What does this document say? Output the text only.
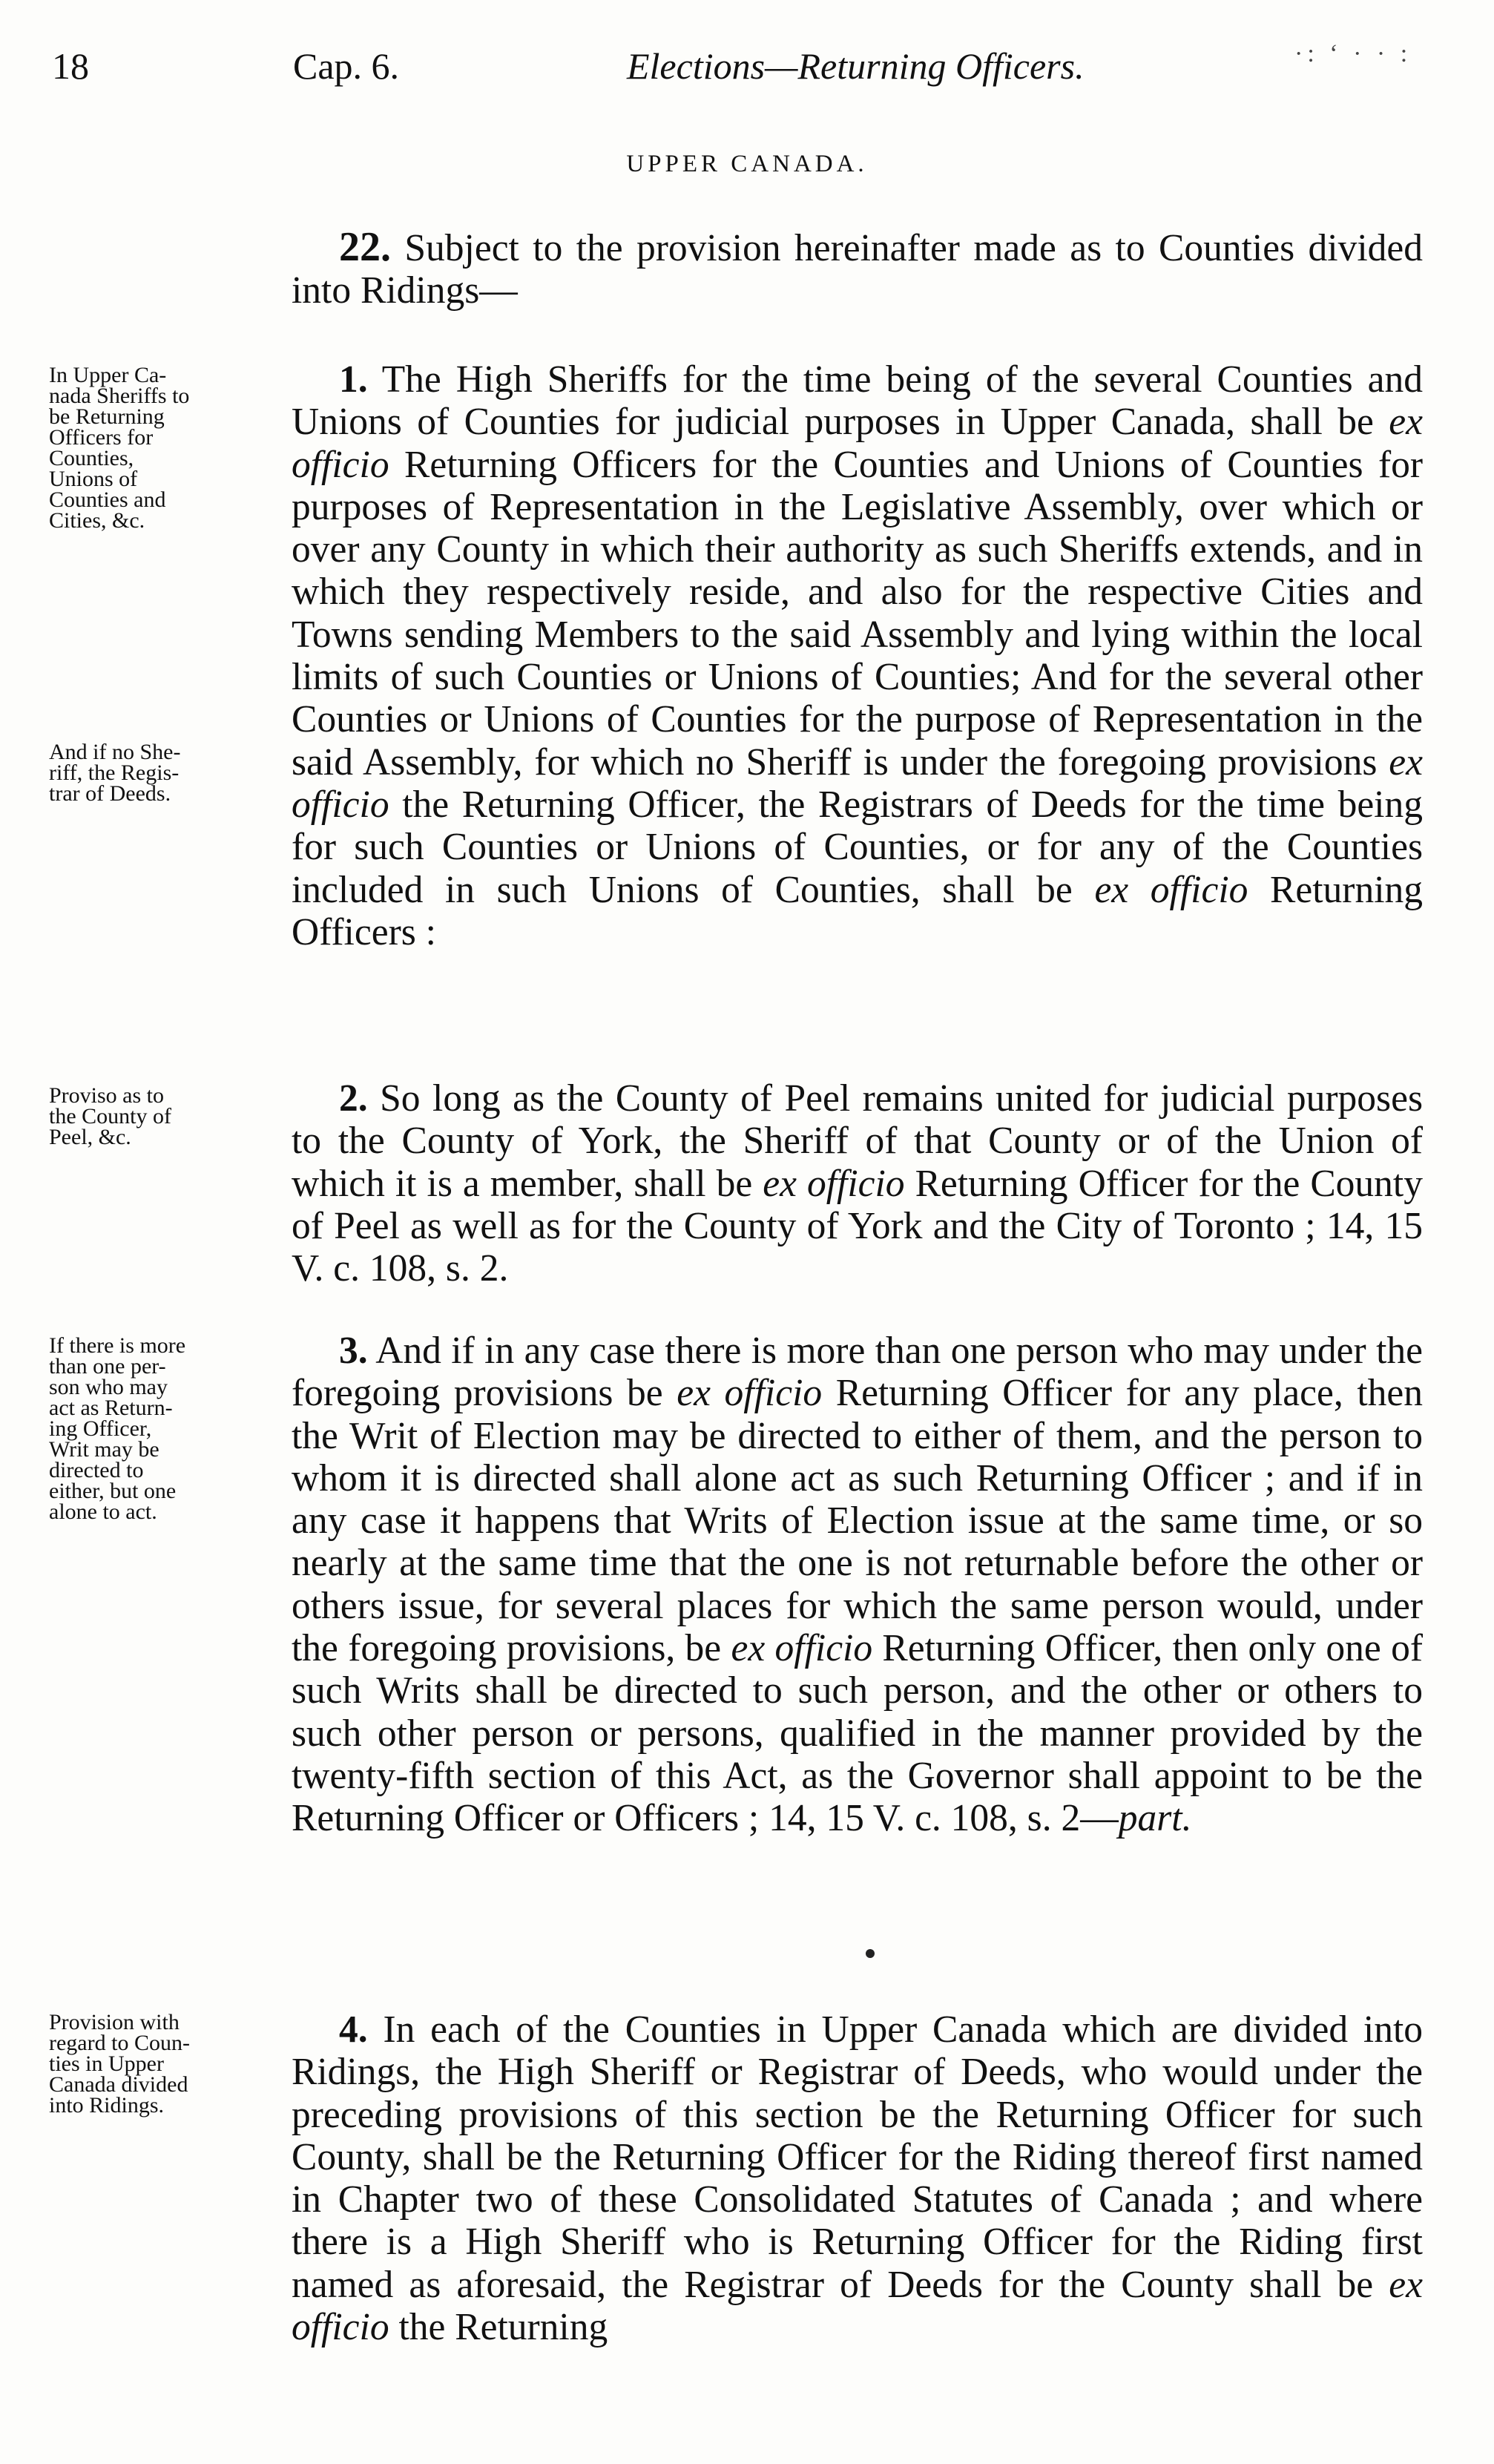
18	Cap. 6.	Elections—Returning Officers.	·: ʻ · · :
UPPER CANADA.

22. Subject to the provision hereinafter made as to Counties divided into Ridings—

1. The High Sheriffs for the time being of the several Counties and Unions of Counties for judicial purposes in Upper Canada, shall be ex officio Returning Officers for the Counties and Unions of Counties for purposes of Representation in the Legislative Assembly, over which or over any County in which their authority as such Sheriffs extends, and in which they respectively reside, and also for the respective Cities and Towns sending Members to the said Assembly and lying within the local limits of such Counties or Unions of Counties; And for the several other Counties or Unions of Counties for the purpose of Representation in the said Assembly, for which no Sheriff is under the foregoing provisions ex officio the Returning Officer, the Registrars of Deeds for the time being for such Counties or Unions of Counties, or for any of the Counties included in such Unions of Counties, shall be ex officio Returning Officers :

2. So long as the County of Peel remains united for judicial purposes to the County of York, the Sheriff of that County or of the Union of which it is a member, shall be ex officio Returning Officer for the County of Peel as well as for the County of York and the City of Toronto ; 14, 15 V. c. 108, s. 2.

3. And if in any case there is more than one person who may under the foregoing provisions be ex officio Returning Officer for any place, then the Writ of Election may be directed to either of them, and the person to whom it is directed shall alone act as such Returning Officer ; and if in any case it happens that Writs of Election issue at the same time, or so nearly at the same time that the one is not returnable before the other or others issue, for several places for which the same person would, under the foregoing provisions, be ex officio Returning Officer, then only one of such Writs shall be directed to such person, and the other or others to such other person or persons, qualified in the manner provided by the twenty-fifth section of this Act, as the Governor shall appoint to be the Returning Officer or Officers ; 14, 15 V. c. 108, s. 2—part.

4. In each of the Counties in Upper Canada which are divided into Ridings, the High Sheriff or Registrar of Deeds, who would under the preceding provisions of this section be the Returning Officer for such County, shall be the Returning Officer for the Riding thereof first named in Chapter two of these Consolidated Statutes of Canada ; and where there is a High Sheriff who is Returning Officer for the Riding first named as aforesaid, the Registrar of Deeds for the County shall be ex officio the Returning

In Upper Ca-
nada Sheriffs to
be Returning
Officers for
Counties,
Unions of
Counties and
Cities, &c.
And if no She-
riff, the Regis-
trar of Deeds.
Proviso as to
the County of
Peel, &c.
If there is more
than one per-
son who may
act as Return-
ing Officer,
Writ may be
directed to
either, but one
alone to act.
Provision with
regard to Coun-
ties in Upper
Canada divided
into Ridings.
